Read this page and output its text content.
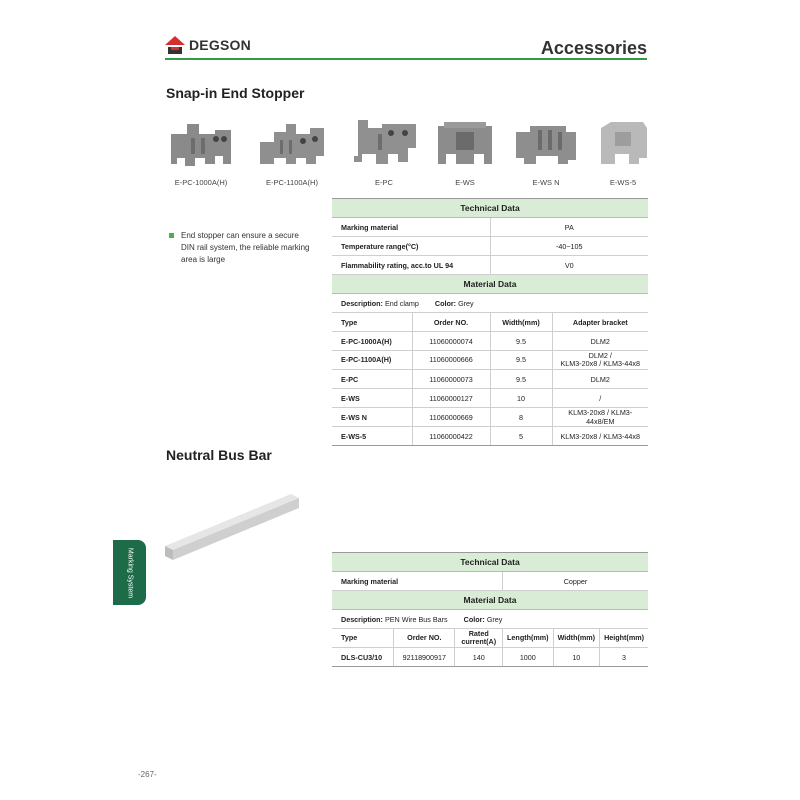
DEGSON	Accessories
Snap-in End Stopper
E-PC-1000A(H)	E-PC-1100A(H)	E-PC	E-WS	E-WS N	E-WS-5
End stopper can ensure a secure DIN rail system, the reliable marking area is large
Technical Data			
Marking material		PA	
Temperature range(°C)		-40~105	
Flammability rating, acc.to UL 94		V0	
Material Data			
Description: End clamp Color: Grey			
Type	Order NO.	Width(mm)	Adapter bracket
E-PC-1000A(H)	11060000074	9.5	DLM2
E-PC-1100A(H)	11060000666	9.5	DLM2 /
KLM3-20x8 / KLM3-44x8

E-PC	11060000073	9.5	DLM2
E-WS	11060000127	10	/
E-WS N	11060000669	8	KLM3-20x8 / KLM3-44x8/EM
E-WS-5	11060000422	5	KLM3-20x8 / KLM3-44x8
Neutral Bus Bar
Marking System	Technical Data					
Marking material			Copper		
Material Data					
Description: PEN Wire Bus Bars Color: Grey					
Type	Order NO.	Rated current(A)	Length(mm)	Width(mm)	Height(mm)
DLS-CU3/10	92118900917	140	1000	10	3
-267-
